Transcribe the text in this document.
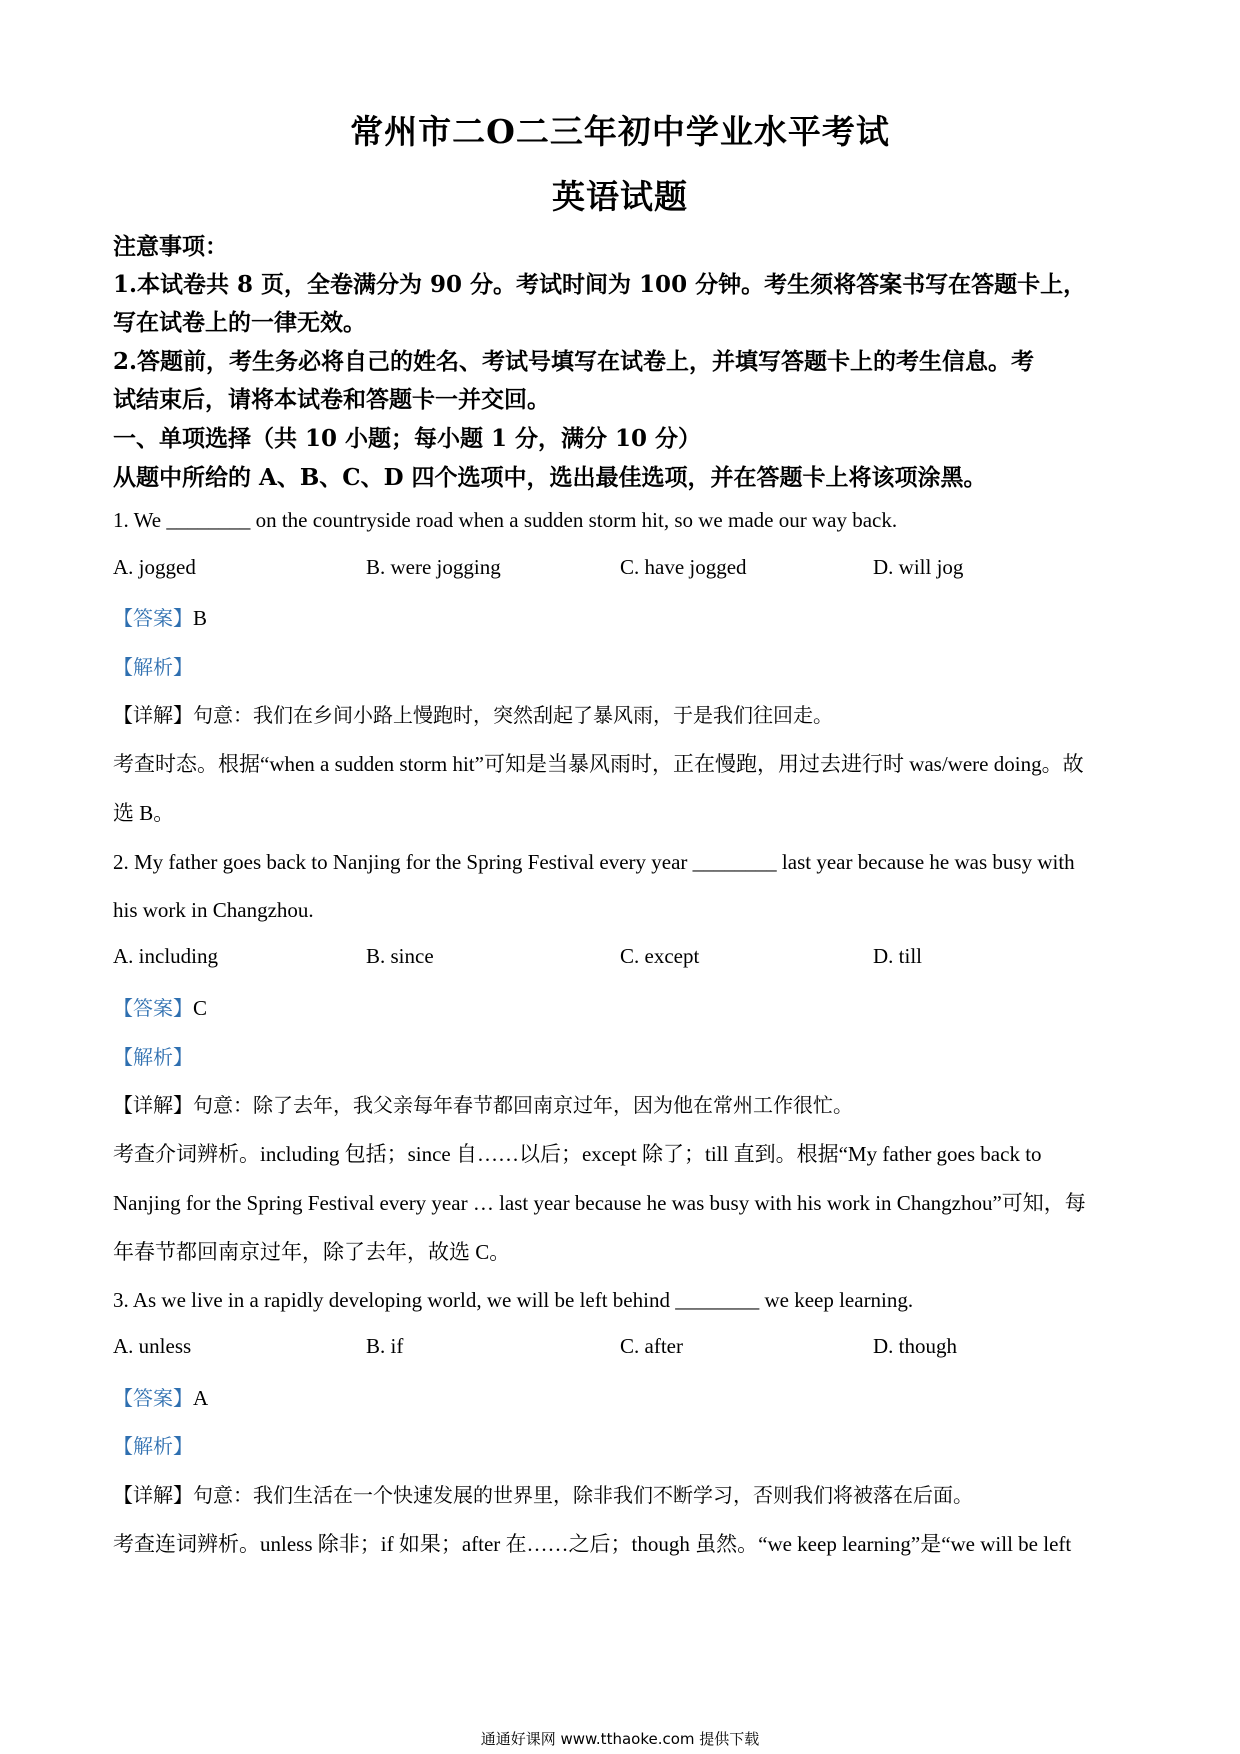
常州市二O二三年初中学业水平考试
英语试题
注意事项：
1.本试卷共 8 页，全卷满分为 90 分。考试时间为 100 分钟。考生须将答案书写在答题卡上，
写在试卷上的一律无效。
2.答题前，考生务必将自己的姓名、考试号填写在试卷上，并填写答题卡上的考生信息。考
试结束后，请将本试卷和答题卡一并交回。
一、单项选择（共 10 小题；每小题 1 分，满分 10 分）
从题中所给的 A、B、C、D 四个选项中，选出最佳选项，并在答题卡上将该项涂黑。
1. We ________ on the countryside road when a sudden storm hit, so we made our way back.
A. jogged	B. were jogging	C. have jogged	D. will jog
【答案】B
【解析】
【详解】句意：我们在乡间小路上慢跑时，突然刮起了暴风雨，于是我们往回走。
考查时态。根据“when a sudden storm hit”可知是当暴风雨时，正在慢跑，用过去进行时 was/were doing。故
选 B。
2. My father goes back to Nanjing for the Spring Festival every year ________ last year because he was busy with
his work in Changzhou.
A. including	B. since	C. except	D. till
【答案】C
【解析】
【详解】句意：除了去年，我父亲每年春节都回南京过年，因为他在常州工作很忙。
考查介词辨析。including 包括；since 自……以后；except 除了；till 直到。根据“My father goes back to
Nanjing for the Spring Festival every year … last year because he was busy with his work in Changzhou”可知，每
年春节都回南京过年，除了去年，故选 C。
3. As we live in a rapidly developing world, we will be left behind ________ we keep learning.
A. unless	B. if	C. after	D. though
【答案】A
【解析】
【详解】句意：我们生活在一个快速发展的世界里，除非我们不断学习，否则我们将被落在后面。
考查连词辨析。unless 除非；if 如果；after 在……之后；though 虽然。“we keep learning”是“we will be left
通通好课网 www.tthaoke.com 提供下载
